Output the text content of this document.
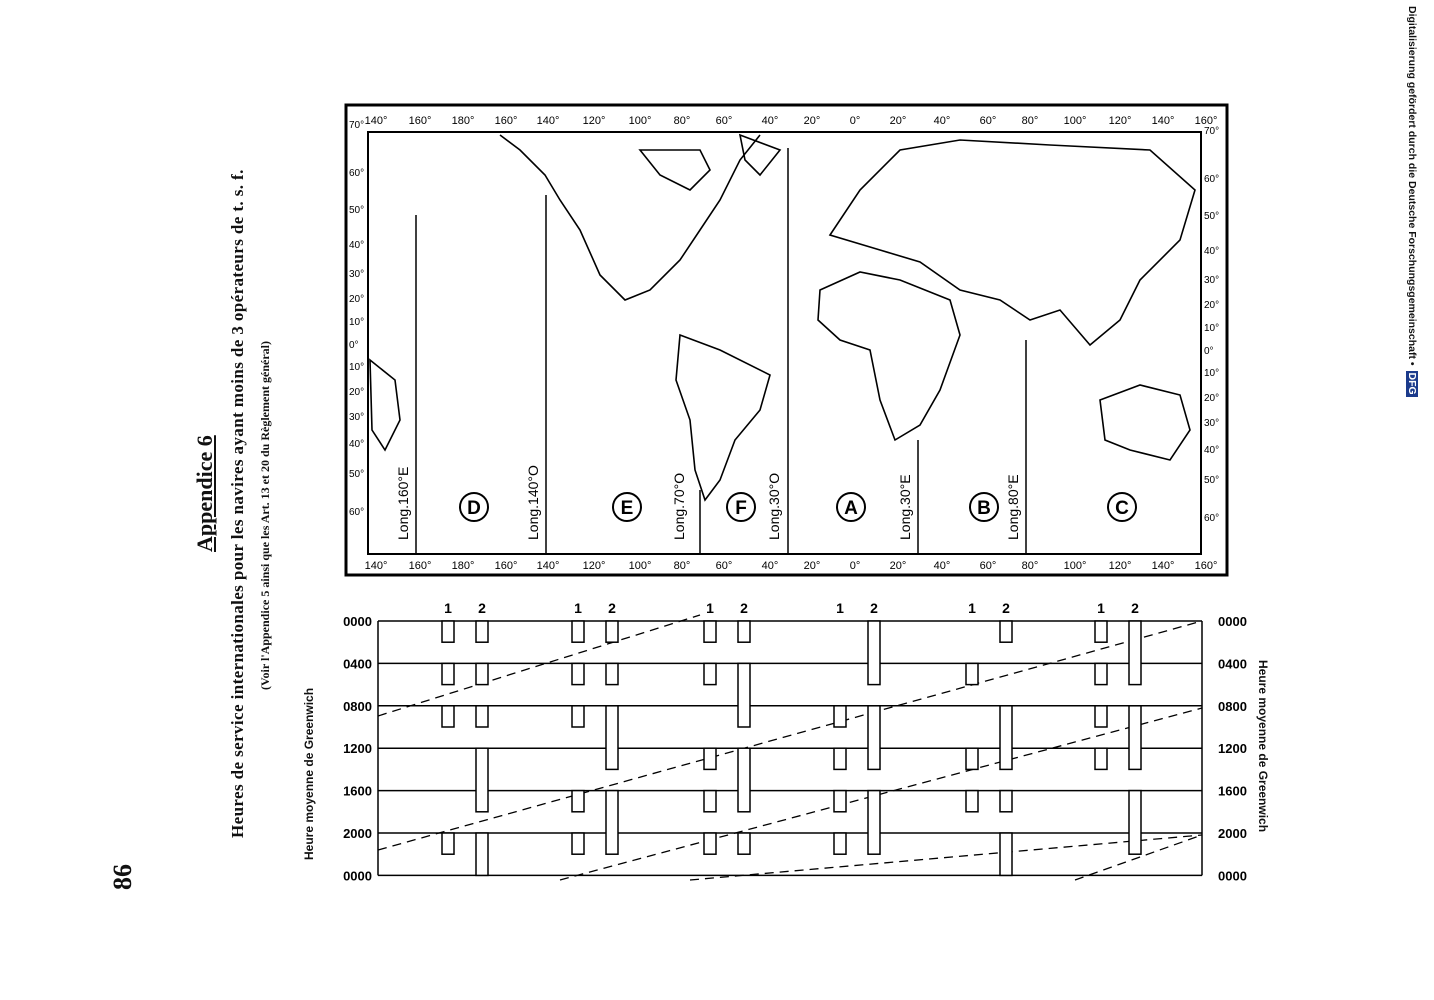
86
Appendice 6 Heures de service internationales pour les navires ayant moins de 3 opérateurs de t. s. f. (Voir l'Appendice 5 ainsi que les Art. 13 et 20 du Règlement général)
Heure moyenne de Greenwich	Heure moyenne de Greenwich
Digitalisierung gefördert durch die Deutsche Forschungsgemeinschaft • DFG
140° 160° 180° 160° 140° 120° 100° 80° 60°	40° 20°	0°	20° 40°	60° 80° 100° 120° 140° 160°
140° 160° 180° 160° 140° 120° 100° 80° 60°	40° 20°	0°	20° 40°	60° 80° 100° 120° 140° 160°
70°
60°
50°
40°
30°
20°
10°
0°
10°
20°
30°
40°
50°
60°
70°
60°
50°
40°
30°
20°
10°
0°
10°
20°
30°
40°
50°
60°
Long.160°E	Long.140°O	Long.70°O	Long.30°O	Long.30°E	Long.80°E
D	E	F	A	B	C
0000	0000
0400	0400
0800	0800
1200	1200
1600	1600
2000	2000
0000	0000
1 2	1 2	1 2	1 2	1 2	1 2
